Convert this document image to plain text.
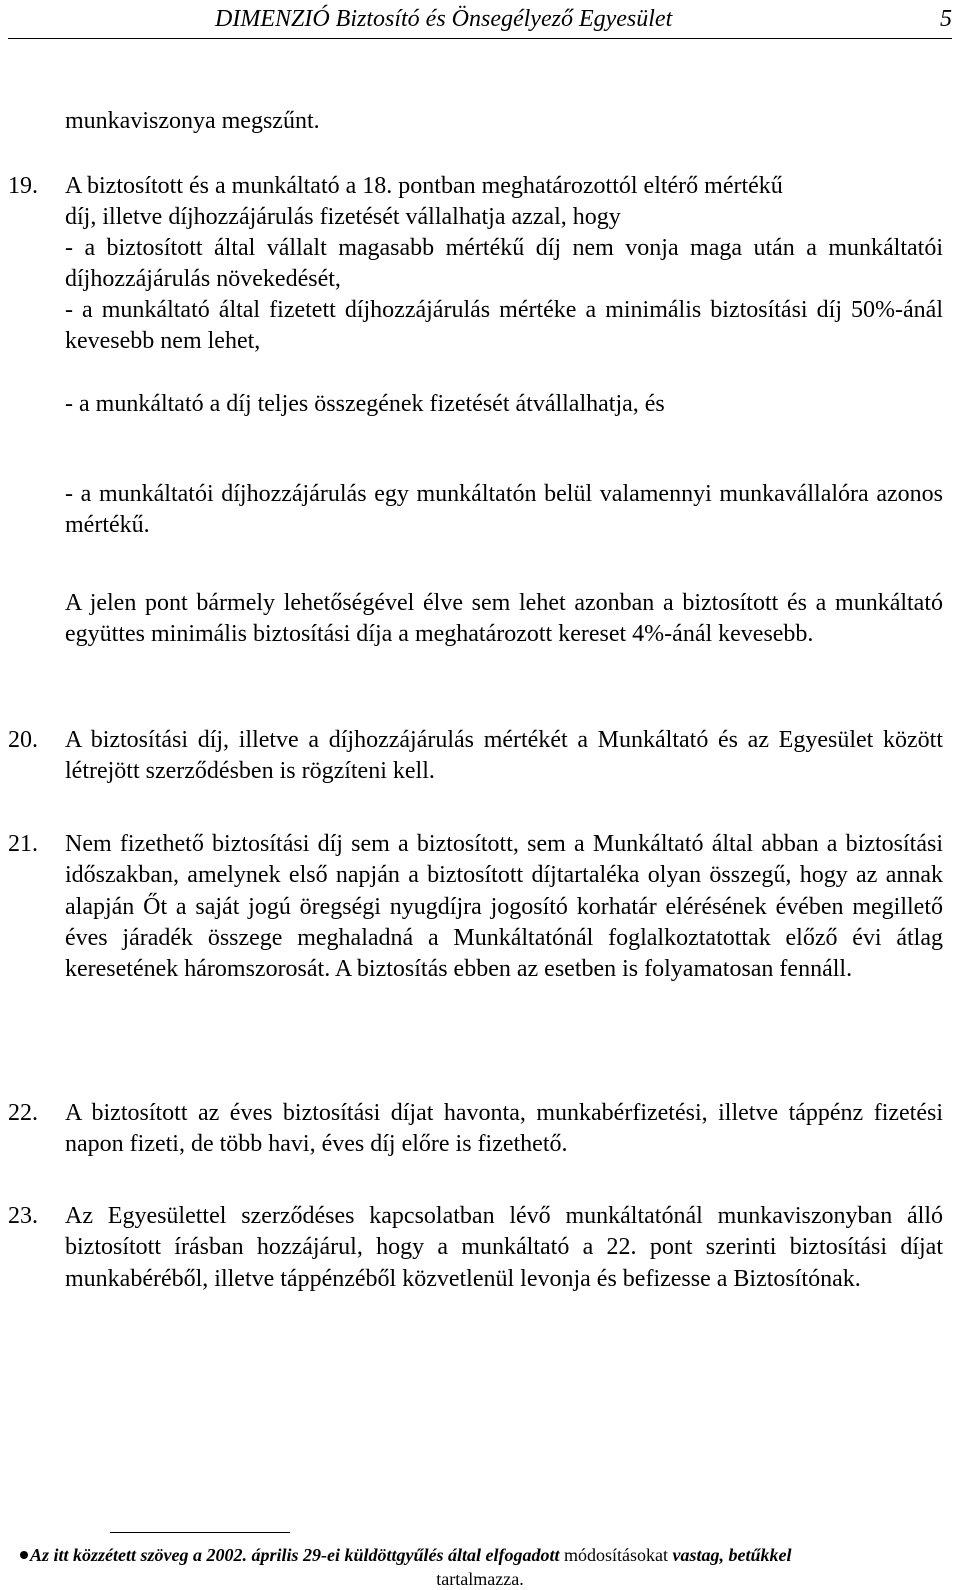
DIMENZIÓ Biztosító és Önsegélyező Egyesület	5
munkaviszonya megszűnt.
19. A biztosított és a munkáltató a 18. pontban meghatározottól eltérő mértékű
díj, illetve díjhozzájárulás fizetését vállalhatja azzal, hogy
- a biztosított által vállalt magasabb mértékű díj nem vonja maga után a munkáltatói díjhozzájárulás növekedését,
- a munkáltató által fizetett díjhozzájárulás mértéke a minimális biztosítási díj 50%-ánál kevesebb nem lehet,
- a munkáltató a díj teljes összegének fizetését átvállalhatja, és
- a munkáltatói díjhozzájárulás egy munkáltatón belül valamennyi munkavállalóra azonos mértékű.
A jelen pont bármely lehetőségével élve sem lehet azonban a biztosított és a munkáltató együttes minimális biztosítási díja a meghatározott kereset 4%-ánál kevesebb.
20. A biztosítási díj, illetve a díjhozzájárulás mértékét a Munkáltató és az Egyesület között létrejött szerződésben is rögzíteni kell.
21. Nem fizethető biztosítási díj sem a biztosított, sem a Munkáltató által abban a biztosítási időszakban, amelynek első napján a biztosított díjtartaléka olyan összegű, hogy az annak alapján Őt a saját jogú öregségi nyugdíjra jogosító korhatár elérésének évében megillető éves járadék összege meghaladná a Munkáltatónál foglalkoztatottak előző évi átlag keresetének háromszorosát. A biztosítás ebben az esetben is folyamatosan fennáll.
22. A biztosított az éves biztosítási díjat havonta, munkabérfizetési, illetve táppénz fizetési napon fizeti, de több havi, éves díj előre is fizethető.
23. Az Egyesülettel szerződéses kapcsolatban lévő munkáltatónál munkaviszonyban álló biztosított írásban hozzájárul, hogy a munkáltató a 22. pont szerinti biztosítási díjat munkabéréből, illetve táppénzéből közvetlenül levonja és befizesse a Biztosítónak.
Az itt közzétett szöveg a 2002. április 29-ei küldöttgyűlés által elfogadott módosításokat vastag, betűkkel
tartalmazza.
